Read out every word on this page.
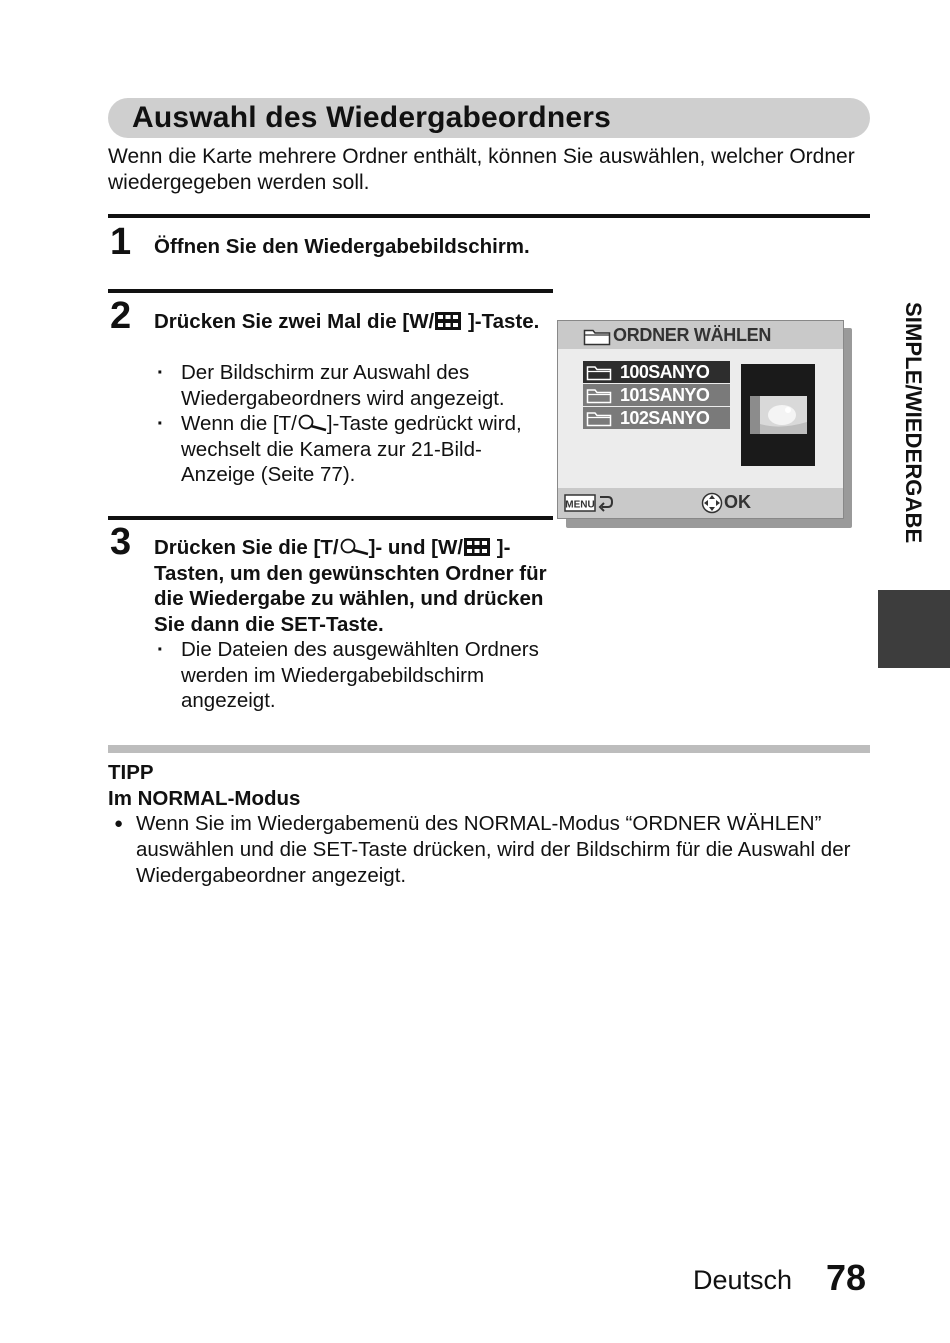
Auswahl des Wiedergabeordners
Wenn die Karte mehrere Ordner enthält, können Sie auswählen, welcher Ordner wiedergegeben werden soll.
1 Öffnen Sie den Wiedergabebildschirm.
2 Drücken Sie zwei Mal die [W/ ]-Taste.
· Der Bildschirm zur Auswahl des Wiedergabeordners wird angezeigt.
· Wenn die [T/ ]-Taste gedrückt wird, wechselt die Kamera zur 21-Bild-Anzeige (Seite 77).
3 Drücken Sie die [T/ ]- und [W/ ]-Tasten, um den gewünschten Ordner für die Wiedergabe zu wählen, und drücken Sie dann die SET-Taste.
· Die Dateien des ausgewählten Ordners werden im Wiedergabebildschirm angezeigt.
ORDNER WÄHLEN
100SANYO
101SANYO
102SANYO
MENU	OK
TIPP
Im NORMAL-Modus
● Wenn Sie im Wiedergabemenü des NORMAL-Modus “ORDNER WÄHLEN” auswählen und die SET-Taste drücken, wird der Bildschirm für die Auswahl der Wiedergabeordner angezeigt.
SIMPLE/WIEDERGABE
Deutsch 78
